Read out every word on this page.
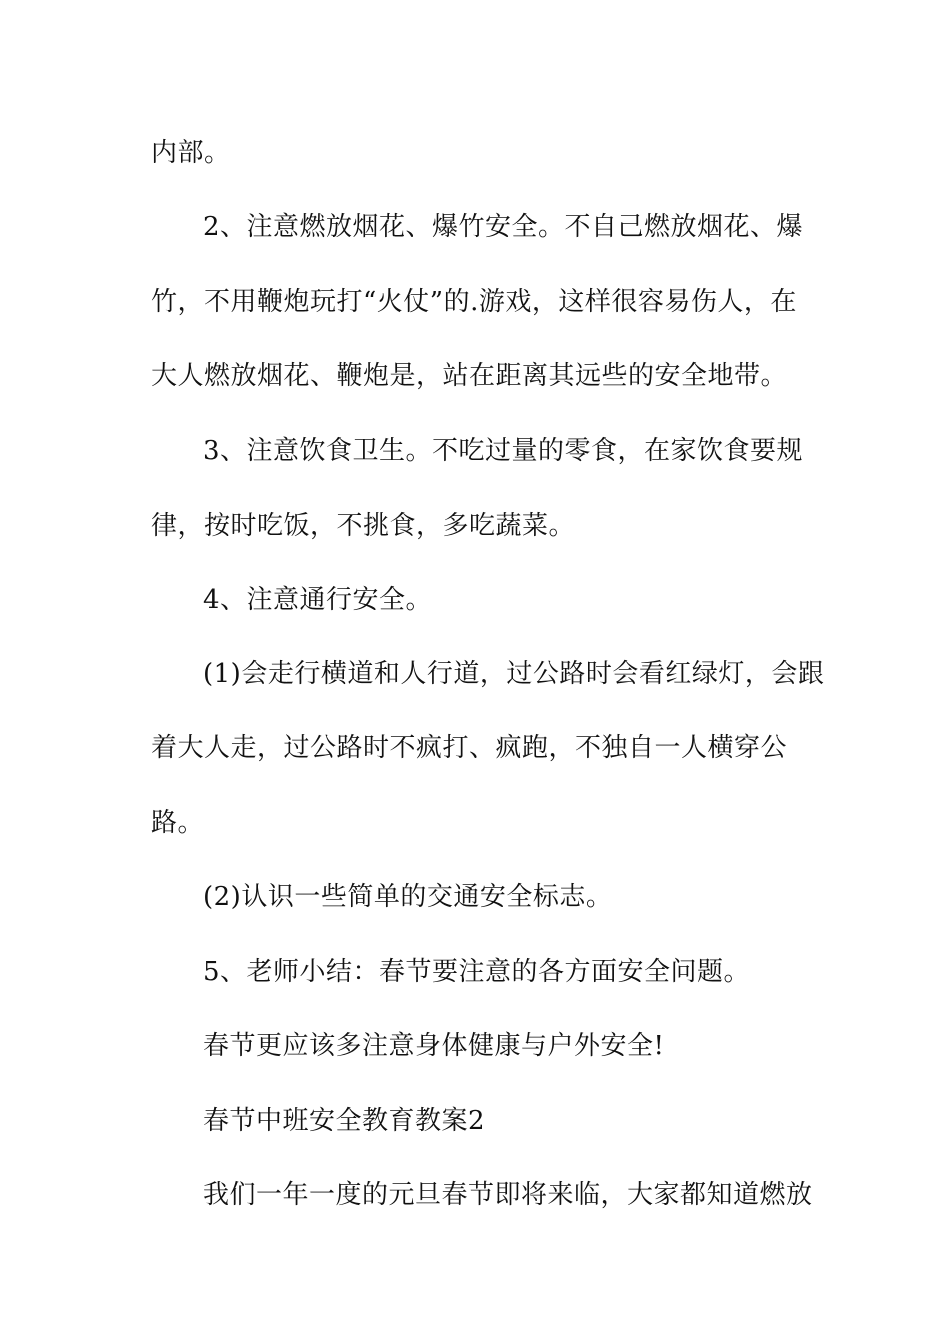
内部。
2、注意燃放烟花、爆竹安全。不自己燃放烟花、爆
竹，不用鞭炮玩打“火仗”的.游戏，这样很容易伤人，在
大人燃放烟花、鞭炮是，站在距离其远些的安全地带。
3、注意饮食卫生。不吃过量的零食，在家饮食要规
律，按时吃饭，不挑食，多吃蔬菜。
4、注意通行安全。
(1)会走行横道和人行道，过公路时会看红绿灯，会跟
着大人走，过公路时不疯打、疯跑，不独自一人横穿公
路。
(2)认识一些简单的交通安全标志。
5、老师小结：春节要注意的各方面安全问题。
春节更应该多注意身体健康与户外安全!
春节中班安全教育教案2
我们一年一度的元旦春节即将来临，大家都知道燃放
